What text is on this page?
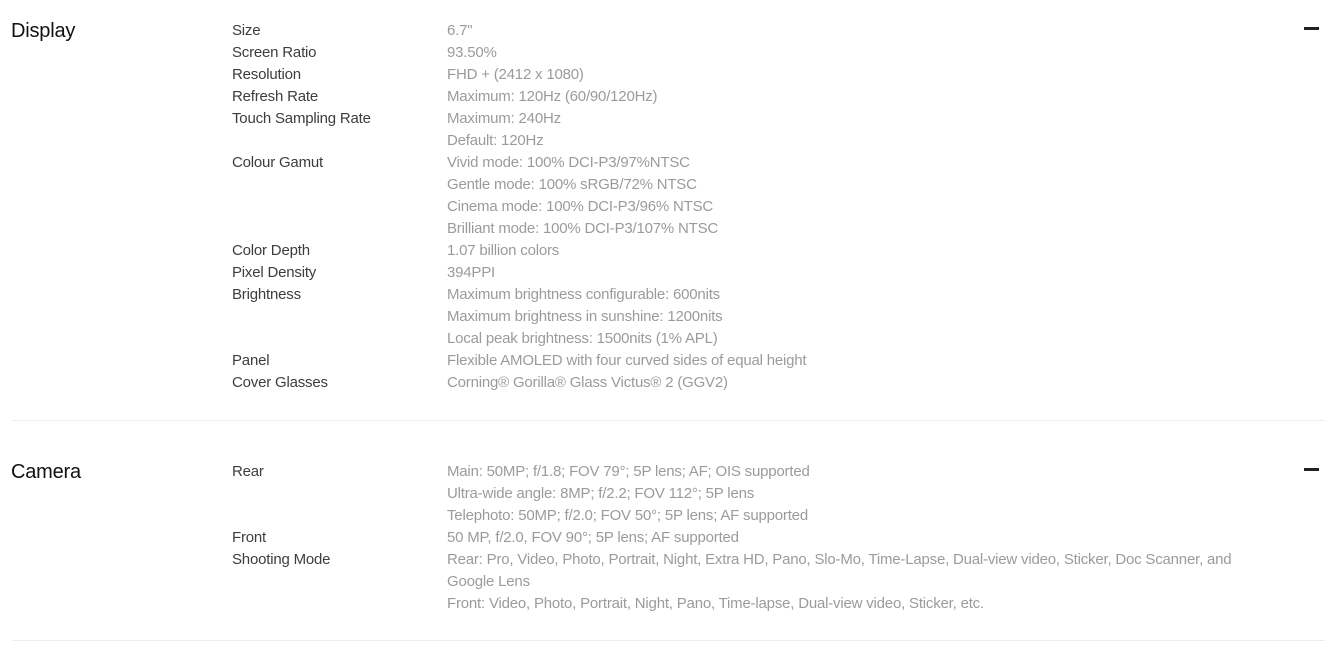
Display	Size	6.7"

Screen Ratio	93.50%

Resolution	FHD + (2412 x 1080)

Refresh Rate	Maximum: 120Hz (60/90/120Hz)

Touch Sampling Rate	Maximum: 240Hz

Default: 120Hz

Colour Gamut	Vivid mode: 100% DCI-P3/97%NTSC

Gentle mode: 100% sRGB/72% NTSC

Cinema mode: 100% DCI-P3/96% NTSC

Brilliant mode: 100% DCI-P3/107% NTSC

Color Depth	1.07 billion colors

Pixel Density	394PPI

Brightness	Maximum brightness configurable: 600nits

Maximum brightness in sunshine: 1200nits

Local peak brightness: 1500nits (1% APL)

Panel	Flexible AMOLED with four curved sides of equal height

Cover Glasses	Corning® Gorilla® Glass Victus® 2 (GGV2)

Camera	Rear	Main: 50MP; f/1.8; FOV 79°; 5P lens; AF; OIS supported

Ultra-wide angle: 8MP; f/2.2; FOV 112°; 5P lens

Telephoto: 50MP; f/2.0; FOV 50°; 5P lens; AF supported

Front	50 MP, f/2.0, FOV 90°; 5P lens; AF supported

Shooting Mode	Rear: Pro, Video, Photo, Portrait, Night, Extra HD, Pano, Slo-Mo, Time-Lapse, Dual-view video, Sticker, Doc Scanner, and Google Lens

Front: Video, Photo, Portrait, Night, Pano, Time-lapse, Dual-view video, Sticker, etc.
